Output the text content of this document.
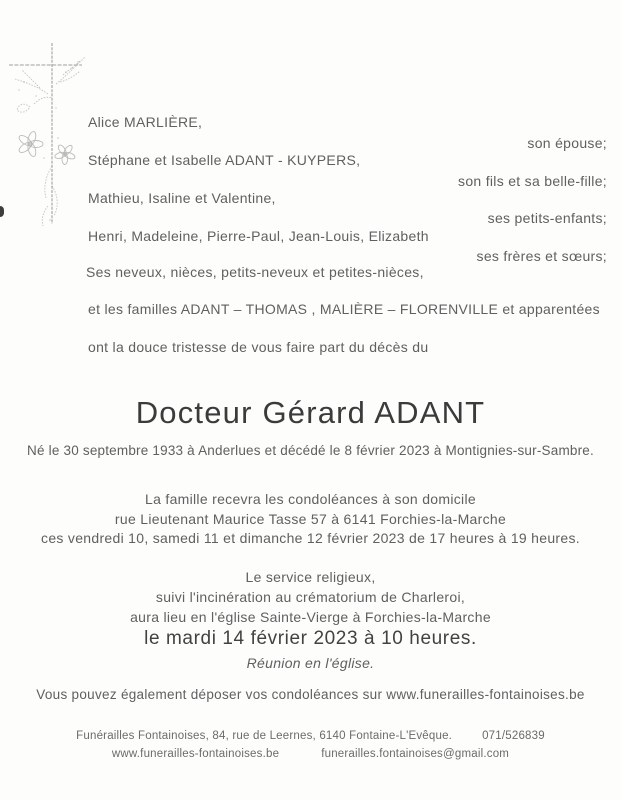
Alice MARLIÈRE,
son épouse;
Stéphane et Isabelle ADANT - KUYPERS,
son fils et sa belle-fille;
Mathieu, Isaline et Valentine,
ses petits-enfants;
Henri, Madeleine, Pierre-Paul, Jean-Louis, Elizabeth
ses frères et sœurs;
Ses neveux, nièces, petits-neveux et petites-nièces,
et les familles ADANT – THOMAS , MALIÈRE – FLORENVILLE et apparentées
ont la douce tristesse de vous faire part du décès du
Docteur Gérard ADANT
Né le 30 septembre 1933 à Anderlues et décédé le 8 février 2023 à Montignies-sur-Sambre.
La famille recevra les condoléances à son domicile
rue Lieutenant Maurice Tasse 57 à 6141 Forchies-la-Marche
ces vendredi 10, samedi 11 et dimanche 12 février 2023 de 17 heures à 19 heures.
Le service religieux,
suivi l'incinération au crématorium de Charleroi,
aura lieu en l'église Sainte-Vierge à Forchies-la-Marche
le mardi 14 février 2023 à 10 heures.
Réunion en l'église.
Vous pouvez également déposer vos condoléances sur www.funerailles-fontainoises.be
Funérailles Fontainoises, 84, rue de Leernes, 6140 Fontaine-L'Evêque.	071/526839
www.funerailles-fontainoises.be	funerailles.fontainoises@gmail.com
